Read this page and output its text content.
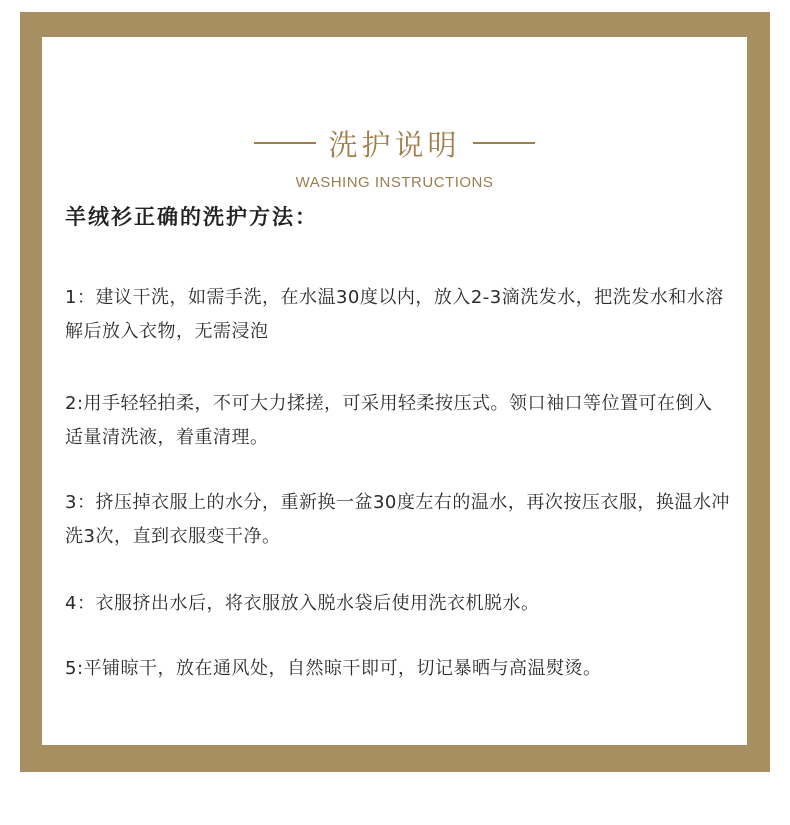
洗护说明
WASHING INSTRUCTIONS
羊绒衫正确的洗护方法：
1：建议干洗，如需手洗，在水温30度以内，放入2-3滴洗发水，把洗发水和水溶解后放入衣物，无需浸泡
2:用手轻轻拍柔，不可大力揉搓，可采用轻柔按压式。领口袖口等位置可在倒入适量清洗液，着重清理。
3：挤压掉衣服上的水分，重新换一盆30度左右的温水，再次按压衣服，换温水冲洗3次，直到衣服变干净。
4：衣服挤出水后，将衣服放入脱水袋后使用洗衣机脱水。
5:平铺晾干，放在通风处，自然晾干即可，切记暴晒与高温熨烫。
